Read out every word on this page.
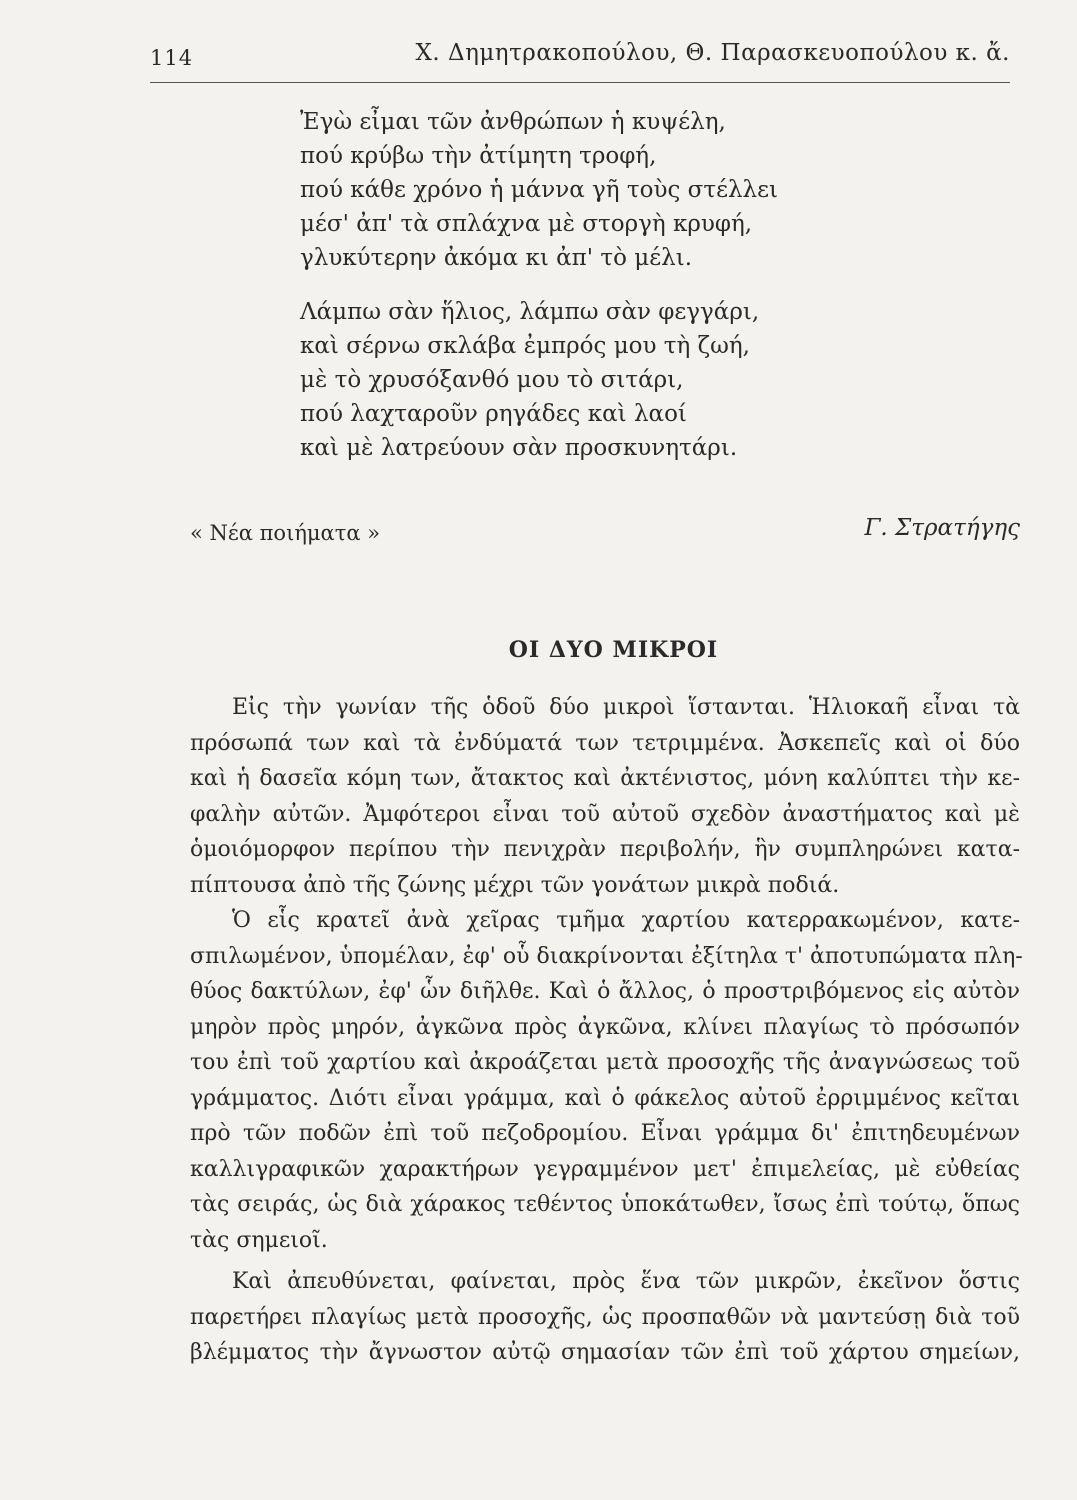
114	Χ. Δημητρακοπούλου, Θ. Παρασκευοπούλου κ. ἄ.
Ἐγὼ εἶμαι τῶν ἀνθρώπων ἡ κυψέλη,
πού κρύβω τὴν ἀτίμητη τροφή,
πού κάθε χρόνο ἡ μάννα γῆ τοὺς στέλλει
μέσ' ἀπ' τὰ σπλάχνα μὲ στοργὴ κρυφή,
γλυκύτερην ἀκόμα κι ἀπ' τὸ μέλι.
Λάμπω σὰν ἥλιος, λάμπω σὰν φεγγάρι,
καὶ σέρνω σκλάβα ἐμπρός μου τὴ ζωή,
μὲ τὸ χρυσόξανθό μου τὸ σιτάρι,
πού λαχταροῦν ρηγάδες καὶ λαοί
καὶ μὲ λατρεύουν σὰν προσκυνητάρι.
« Νέα ποιήματα »	Γ. Στρατήγης
ΟΙ ΔΥΟ ΜΙΚΡΟΙ
Εἰς τὴν γωνίαν τῆς ὁδοῦ δύο μικροὶ ἵστανται. Ἡλιοκαῆ εἶναι τὰ
πρόσωπά των καὶ τὰ ἐνδύματά των τετριμμένα. Ἀσκεπεῖς καὶ οἱ δύο
καὶ ἡ δασεῖα κόμη των, ἄτακτος καὶ ἀκτένιστος, μόνη καλύπτει τὴν κε-
φαλὴν αὐτῶν. Ἀμφότεροι εἶναι τοῦ αὐτοῦ σχεδὸν ἀναστήματος καὶ μὲ
ὁμοιόμορφον περίπου τὴν πενιχρὰν περιβολήν, ἣν συμπληρώνει κατα-
πίπτουσα ἀπὸ τῆς ζώνης μέχρι τῶν γονάτων μικρὰ ποδιά.
Ὁ εἷς κρατεῖ ἀνὰ χεῖρας τμῆμα χαρτίου κατερρακωμένον, κατε-
σπιλωμένον, ὑπομέλαν, ἐφ' οὗ διακρίνονται ἐξίτηλα τ' ἀποτυπώματα πλη-
θύος δακτύλων, ἐφ' ὧν διῆλθε. Καὶ ὁ ἄλλος, ὁ προστριβόμενος εἰς αὐτὸν
μηρὸν πρὸς μηρόν, ἀγκῶνα πρὸς ἀγκῶνα, κλίνει πλαγίως τὸ πρόσωπόν
του ἐπὶ τοῦ χαρτίου καὶ ἀκροάζεται μετὰ προσοχῆς τῆς ἀναγνώσεως τοῦ
γράμματος. Διότι εἶναι γράμμα, καὶ ὁ φάκελος αὐτοῦ ἐρριμμένος κεῖται
πρὸ τῶν ποδῶν ἐπὶ τοῦ πεζοδρομίου. Εἶναι γράμμα δι' ἐπιτηδευμένων
καλλιγραφικῶν χαρακτήρων γεγραμμένον μετ' ἐπιμελείας, μὲ εὐθείας
τὰς σειράς, ὡς διὰ χάρακος τεθέντος ὑποκάτωθεν, ἴσως ἐπὶ τούτῳ, ὅπως
τὰς σημειοῖ.
Καὶ ἀπευθύνεται, φαίνεται, πρὸς ἕνα τῶν μικρῶν, ἐκεῖνον ὅστις
παρετήρει πλαγίως μετὰ προσοχῆς, ὡς προσπαθῶν νὰ μαντεύσῃ διὰ τοῦ
βλέμματος τὴν ἄγνωστον αὐτῷ σημασίαν τῶν ἐπὶ τοῦ χάρτου σημείων,
